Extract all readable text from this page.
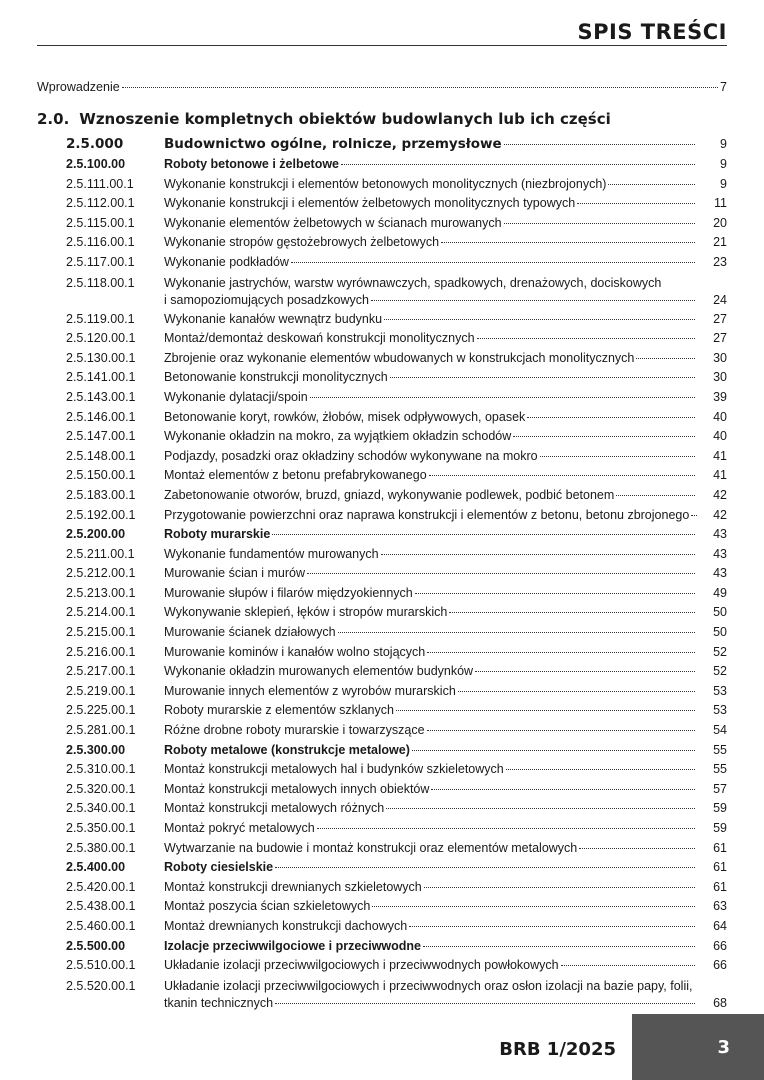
SPIS TREŚCI
Wprowadzenie	7
2.0. Wznoszenie kompletnych obiektów budowlanych lub ich części
2.5.000	Budownictwo ogólne, rolnicze, przemysłowe	9
2.5.100.00	Roboty betonowe i żelbetowe	9
2.5.111.00.1	Wykonanie konstrukcji i elementów betonowych monolitycznych (niezbrojonych)	9
2.5.112.00.1	Wykonanie konstrukcji i elementów żelbetowych monolitycznych typowych	11
2.5.115.00.1	Wykonanie elementów żelbetowych w ścianach murowanych	20
2.5.116.00.1	Wykonanie stropów gęstożebrowych żelbetowych	21
2.5.117.00.1	Wykonanie podkładów	23
2.5.118.00.1	Wykonanie jastrychów, warstw wyrównawczych, spadkowych, drenażowych, dociskowych
i samopoziomujących posadzkowych	24
2.5.119.00.1	Wykonanie kanałów wewnątrz budynku	27
2.5.120.00.1	Montaż/demontaż deskowań konstrukcji monolitycznych	27
2.5.130.00.1	Zbrojenie oraz wykonanie elementów wbudowanych w konstrukcjach monolitycznych	30
2.5.141.00.1	Betonowanie konstrukcji monolitycznych	30
2.5.143.00.1	Wykonanie dylatacji/spoin	39
2.5.146.00.1	Betonowanie koryt, rowków, żłobów, misek odpływowych, opasek	40
2.5.147.00.1	Wykonanie okładzin na mokro, za wyjątkiem okładzin schodów	40
2.5.148.00.1	Podjazdy, posadzki oraz okładziny schodów wykonywane na mokro	41
2.5.150.00.1	Montaż elementów z betonu prefabrykowanego	41
2.5.183.00.1	Zabetonowanie otworów, bruzd, gniazd, wykonywanie podlewek, podbić betonem	42
2.5.192.00.1	Przygotowanie powierzchni oraz naprawa konstrukcji i elementów z betonu, betonu zbrojonego	42
2.5.200.00	Roboty murarskie	43
2.5.211.00.1	Wykonanie fundamentów murowanych	43
2.5.212.00.1	Murowanie ścian i murów	43
2.5.213.00.1	Murowanie słupów i filarów międzyokiennych	49
2.5.214.00.1	Wykonywanie sklepień, łęków i stropów murarskich	50
2.5.215.00.1	Murowanie ścianek działowych	50
2.5.216.00.1	Murowanie kominów i kanałów wolno stojących	52
2.5.217.00.1	Wykonanie okładzin murowanych elementów budynków	52
2.5.219.00.1	Murowanie innych elementów z wyrobów murarskich	53
2.5.225.00.1	Roboty murarskie z elementów szklanych	53
2.5.281.00.1	Różne drobne roboty murarskie i towarzyszące	54
2.5.300.00	Roboty metalowe (konstrukcje metalowe)	55
2.5.310.00.1	Montaż konstrukcji metalowych hal i budynków szkieletowych	55
2.5.320.00.1	Montaż konstrukcji metalowych innych obiektów	57
2.5.340.00.1	Montaż konstrukcji metalowych różnych	59
2.5.350.00.1	Montaż pokryć metalowych	59
2.5.380.00.1	Wytwarzanie na budowie i montaż konstrukcji oraz elementów metalowych	61
2.5.400.00	Roboty ciesielskie	61
2.5.420.00.1	Montaż konstrukcji drewnianych szkieletowych	61
2.5.438.00.1	Montaż poszycia ścian szkieletowych	63
2.5.460.00.1	Montaż drewnianych konstrukcji dachowych	64
2.5.500.00	Izolacje przeciwwilgociowe i przeciwwodne	66
2.5.510.00.1	Układanie izolacji przeciwwilgociowych i przeciwwodnych powłokowych	66
2.5.520.00.1	Układanie izolacji przeciwwilgociowych i przeciwwodnych oraz osłon izolacji na bazie papy, folii,
tkanin technicznych	68
BRB 1/2025	3
